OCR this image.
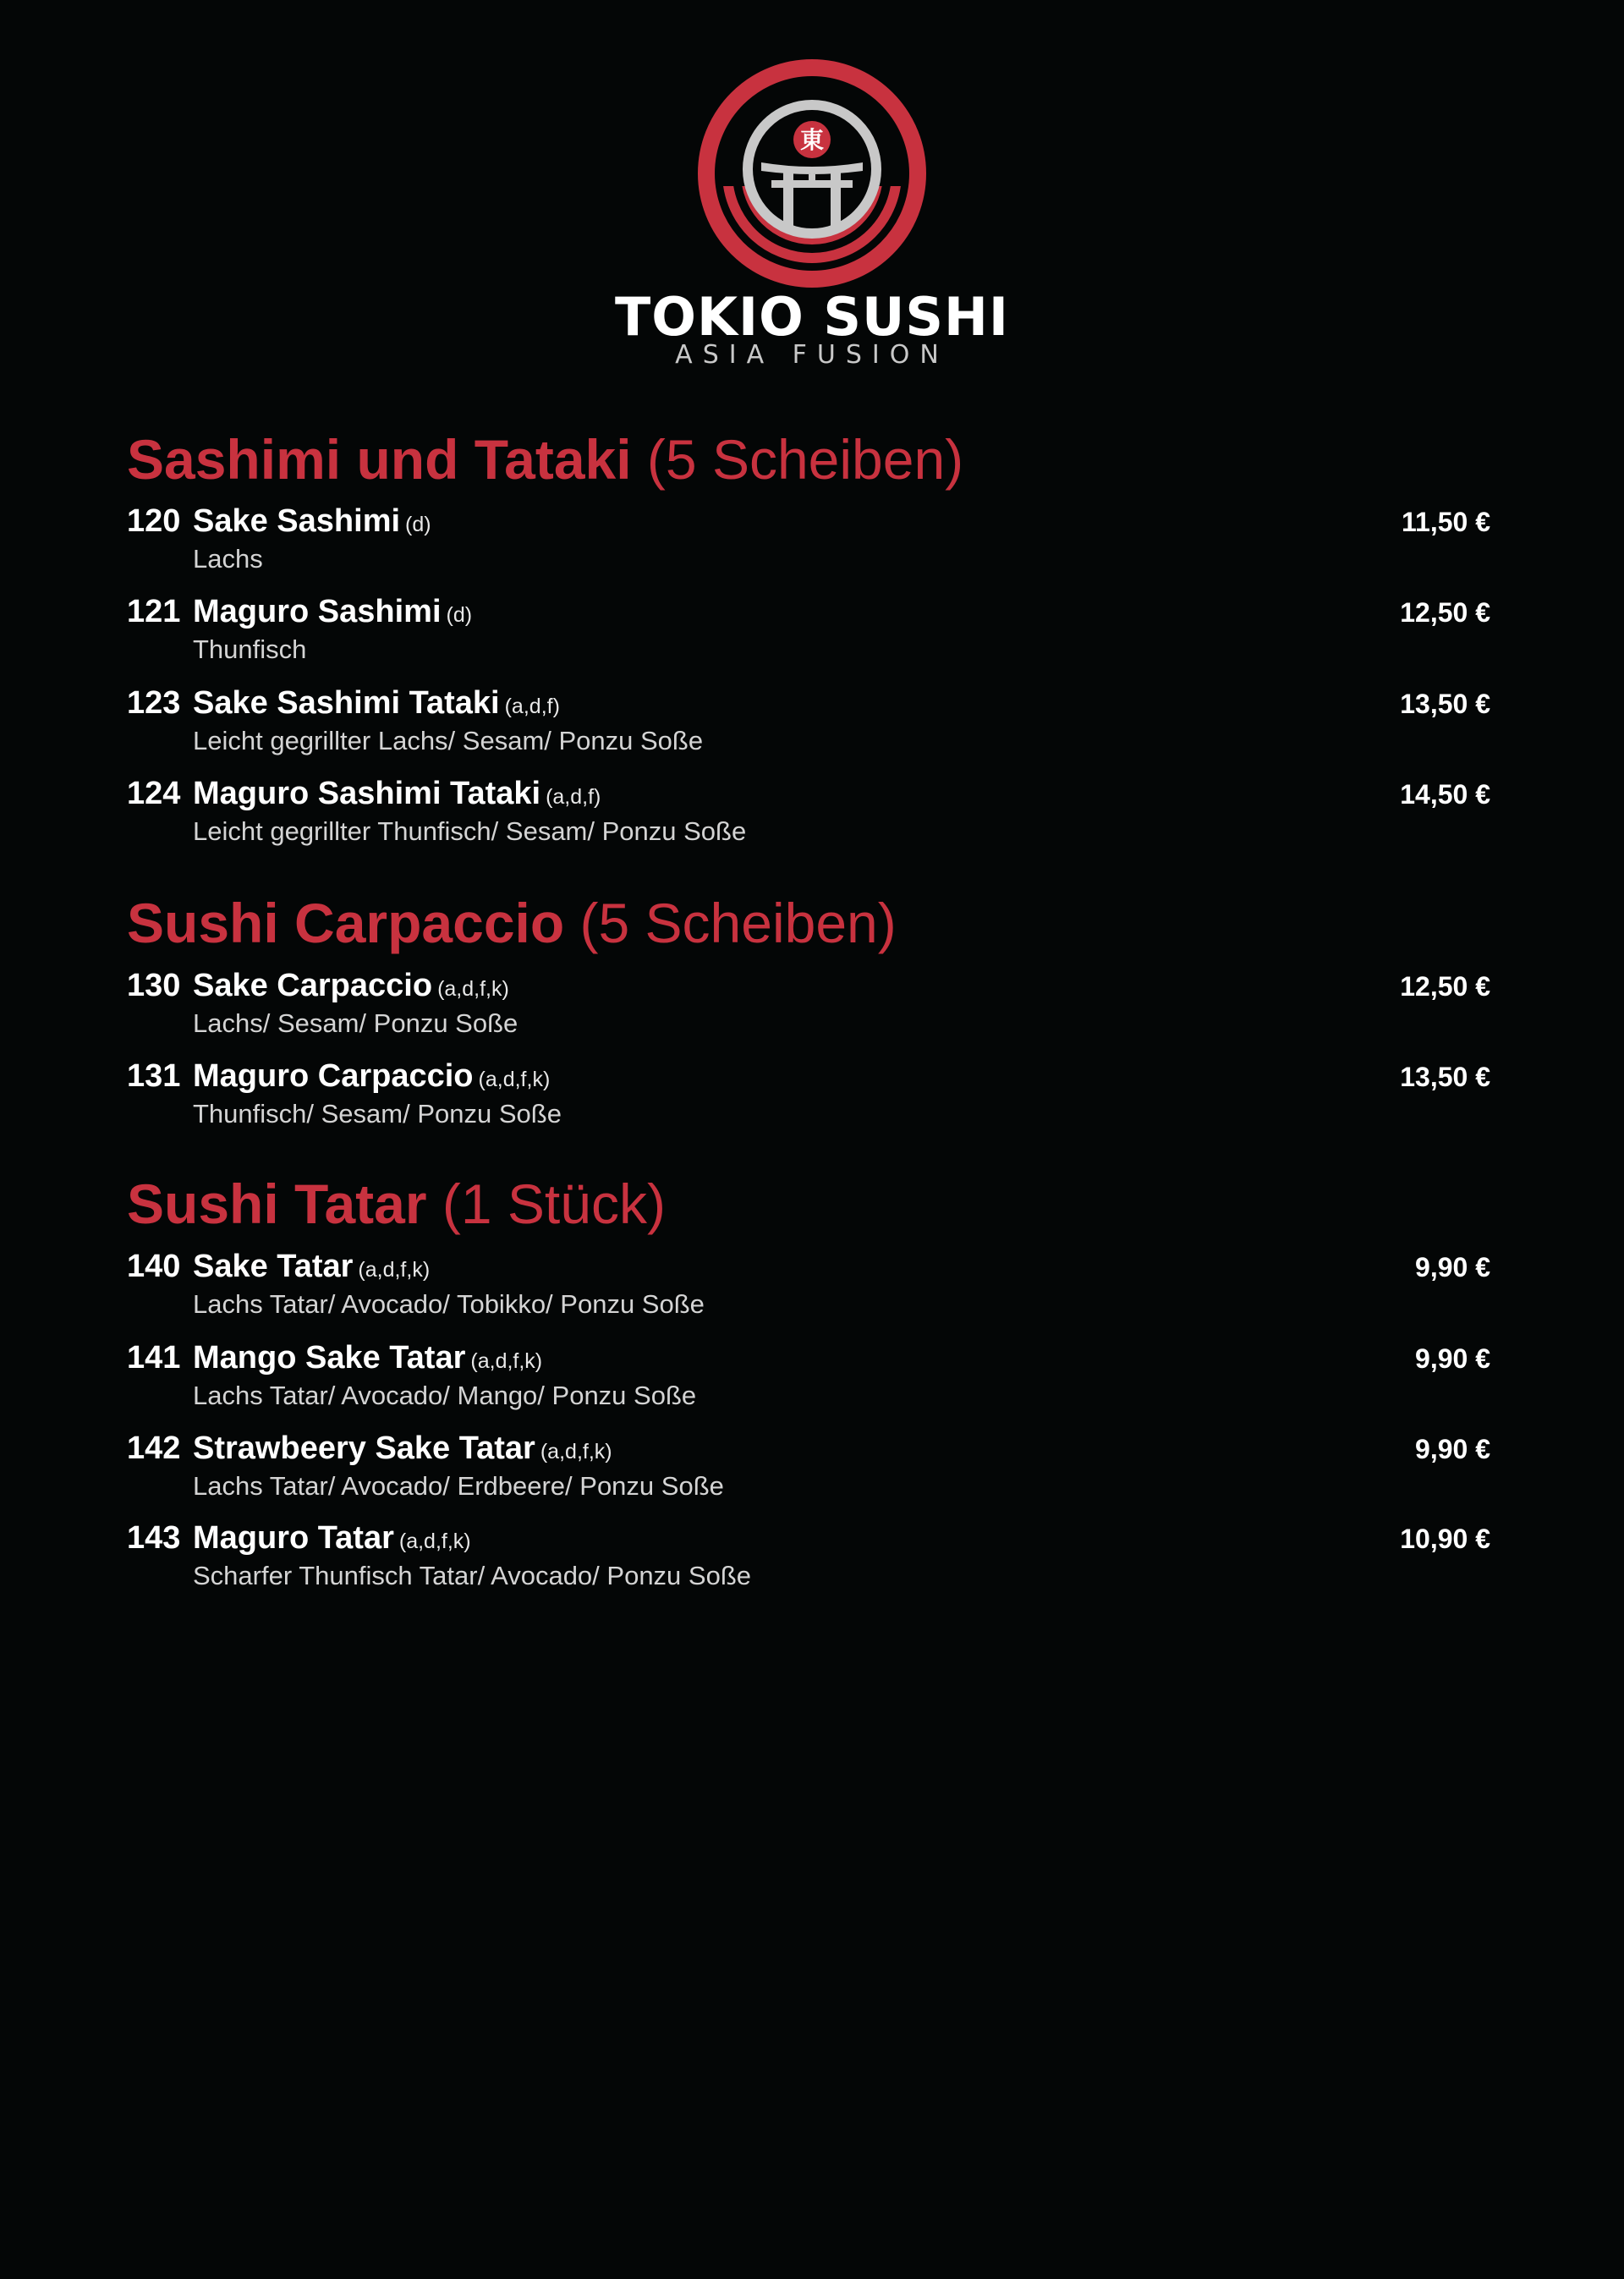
東
TOKIO SUSHI
ASIA FUSION
Sashimi und Tataki (5 Scheiben)
120 Sake Sashimi (d)
Lachs
11,50 €
121 Maguro Sashimi (d)
Thunfisch
12,50 €
123 Sake Sashimi Tataki (a,d,f)
Leicht gegrillter Lachs/ Sesam/ Ponzu Soße
13,50 €
124 Maguro Sashimi Tataki (a,d,f)
Leicht gegrillter Thunfisch/ Sesam/ Ponzu Soße
14,50 €
Sushi Carpaccio (5 Scheiben)
130 Sake Carpaccio (a,d,f,k)
Lachs/ Sesam/ Ponzu Soße
12,50 €
131 Maguro Carpaccio (a,d,f,k)
Thunfisch/ Sesam/ Ponzu Soße
13,50 €
Sushi Tatar (1 Stück)
140 Sake Tatar (a,d,f,k)
Lachs Tatar/ Avocado/ Tobikko/ Ponzu Soße
9,90 €
141 Mango Sake Tatar (a,d,f,k)
Lachs Tatar/ Avocado/ Mango/ Ponzu Soße
9,90 €
142 Strawbeery Sake Tatar (a,d,f,k)
Lachs Tatar/ Avocado/ Erdbeere/ Ponzu Soße
9,90 €
143 Maguro Tatar (a,d,f,k)
Scharfer Thunfisch Tatar/ Avocado/ Ponzu Soße
10,90 €
